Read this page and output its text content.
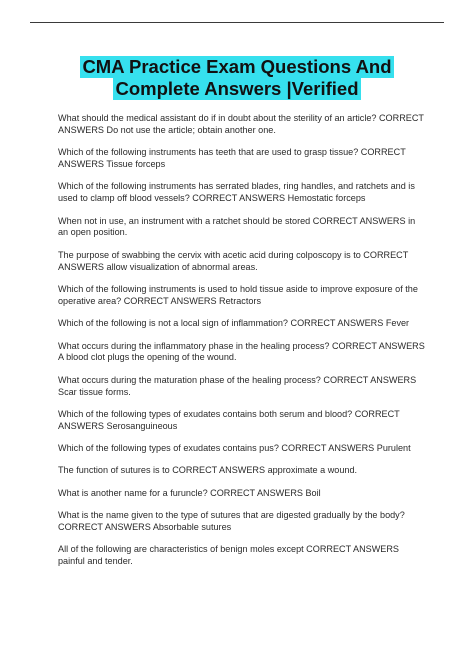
CMA Practice Exam Questions And
Complete Answers |Verified
What should the medical assistant do if in doubt about the sterility of an article? CORRECT ANSWERS Do not use the article; obtain another one.
Which of the following instruments has teeth that are used to grasp tissue? CORRECT ANSWERS Tissue forceps
Which of the following instruments has serrated blades, ring handles, and ratchets and is used to clamp off blood vessels? CORRECT ANSWERS Hemostatic forceps
When not in use, an instrument with a ratchet should be stored CORRECT ANSWERS in an open position.
The purpose of swabbing the cervix with acetic acid during colposcopy is to CORRECT ANSWERS allow visualization of abnormal areas.
Which of the following instruments is used to hold tissue aside to improve exposure of the operative area? CORRECT ANSWERS Retractors
Which of the following is not a local sign of inflammation? CORRECT ANSWERS Fever
What occurs during the inflammatory phase in the healing process? CORRECT ANSWERS A blood clot plugs the opening of the wound.
What occurs during the maturation phase of the healing process? CORRECT ANSWERS Scar tissue forms.
Which of the following types of exudates contains both serum and blood? CORRECT ANSWERS Serosanguineous
Which of the following types of exudates contains pus? CORRECT ANSWERS Purulent
The function of sutures is to CORRECT ANSWERS approximate a wound.
What is another name for a furuncle? CORRECT ANSWERS Boil
What is the name given to the type of sutures that are digested gradually by the body? CORRECT ANSWERS Absorbable sutures
All of the following are characteristics of benign moles except CORRECT ANSWERS painful and tender.
